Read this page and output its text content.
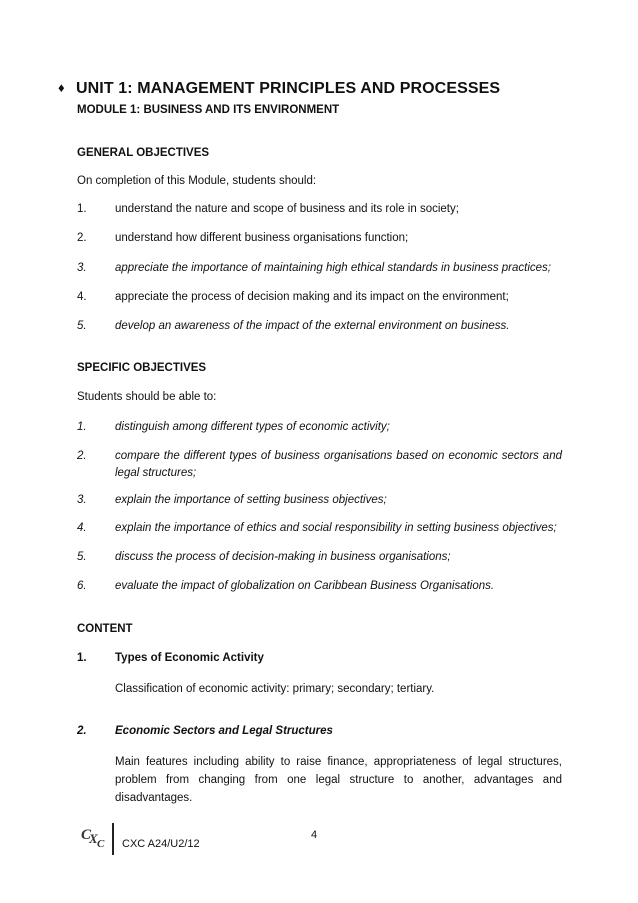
♦ UNIT 1: MANAGEMENT PRINCIPLES AND PROCESSES
MODULE 1: BUSINESS AND ITS ENVIRONMENT
GENERAL OBJECTIVES
On completion of this Module, students should:
1. understand the nature and scope of business and its role in society;
2. understand how different business organisations function;
3. appreciate the importance of maintaining high ethical standards in business practices;
4. appreciate the process of decision making and its impact on the environment;
5. develop an awareness of the impact of the external environment on business.
SPECIFIC OBJECTIVES
Students should be able to:
1. distinguish among different types of economic activity;
2. compare the different types of business organisations based on economic sectors and legal structures;
3. explain the importance of setting business objectives;
4. explain the importance of ethics and social responsibility in setting business objectives;
5. discuss the process of decision-making in business organisations;
6. evaluate the impact of globalization on Caribbean Business Organisations.
CONTENT
1. Types of Economic Activity
Classification of economic activity: primary; secondary; tertiary.
2. Economic Sectors and Legal Structures
Main features including ability to raise finance, appropriateness of legal structures, problem from changing from one legal structure to another, advantages and disadvantages.
4
C
X C CXC A24/U2/12
